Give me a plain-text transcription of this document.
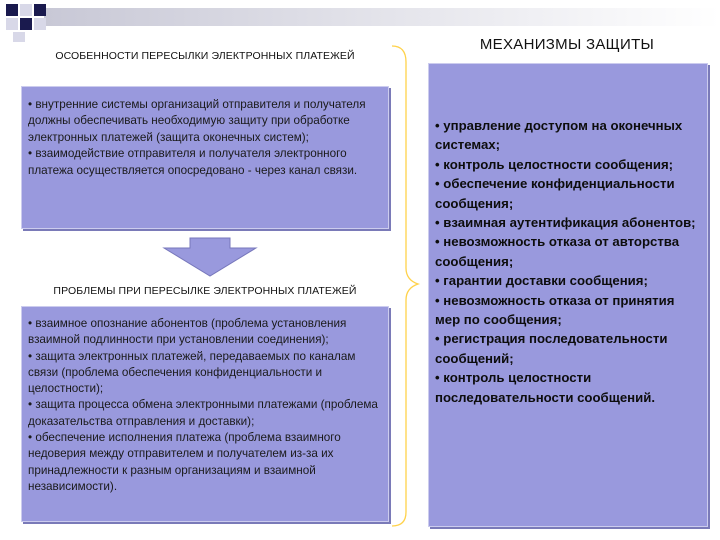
ОСОБЕННОСТИ ПЕРЕСЫЛКИ ЭЛЕКТРОННЫХ ПЛАТЕЖЕЙ

• внутренние системы организаций отправителя и получателя должны обеспечивать необходимую защиту при обработке электронных платежей (защита оконечных систем);

• взаимодействие отправителя и получателя электронного платежа осуществляется опосредовано - через канал связи.

ПРОБЛЕМЫ ПРИ ПЕРЕСЫЛКЕ ЭЛЕКТРОННЫХ ПЛАТЕЖЕЙ

• взаимное опознание абонентов (проблема установления взаимной подлинности при установлении соединения);

• защита электронных платежей, передаваемых по каналам связи (проблема обеспечения конфиденциальности и целостности);

• защита процесса обмена электронными платежами (проблема доказательства отправления и доставки);

• обеспечение исполнения платежа (проблема взаимного недоверия между отправителем и получателем из-за их принадлежности к разным организациям и взаимной независимости).

МЕХАНИЗМЫ ЗАЩИТЫ

• управление доступом на оконечных системах;

• контроль целостности сообщения;

• обеспечение конфиденциальности сообщения;

• взаимная аутентификация абонентов;

• невозможность отказа от авторства сообщения;

• гарантии доставки сообщения;

• невозможность отказа от принятия мер по сообщения;

• регистрация последовательности сообщений;

• контроль целостности последовательности сообщений.
